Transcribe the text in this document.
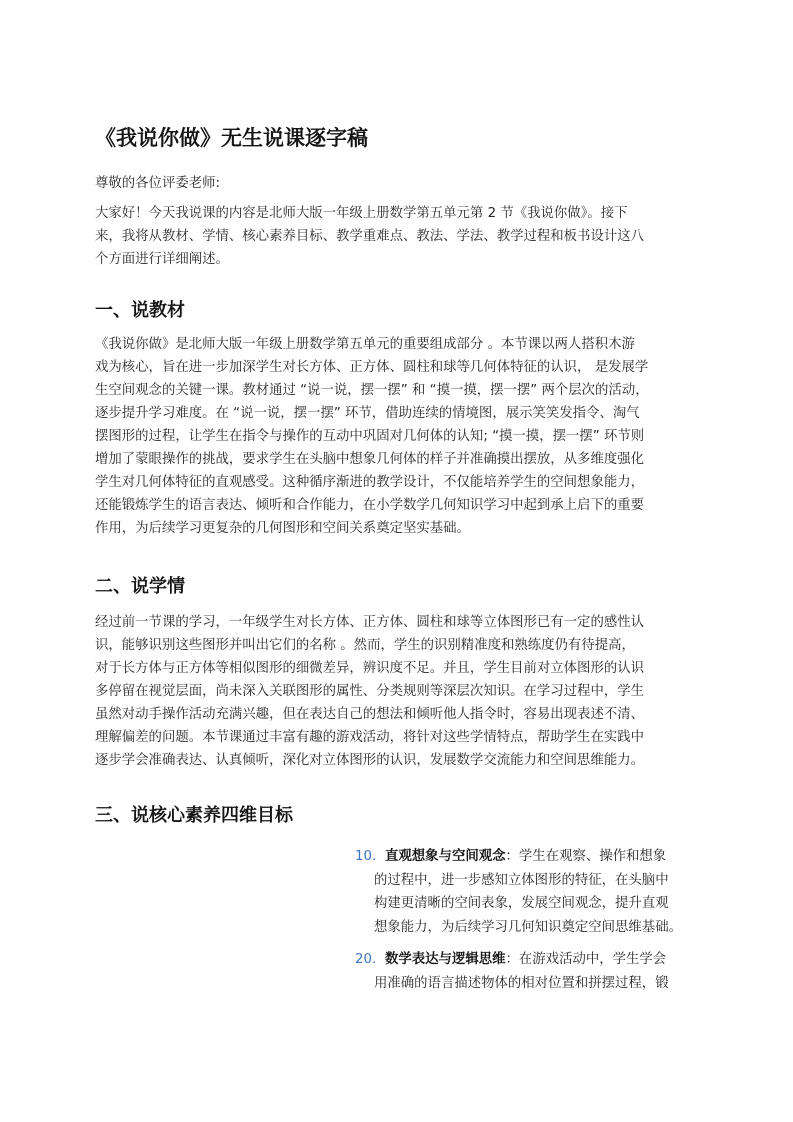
《我说你做》无生说课逐字稿

尊敬的各位评委老师:

大家好！今天我说课的内容是北师大版一年级上册数学第五单元第 2 节《我说你做》。接下
来，我将从教材、学情、核心素养目标、教学重难点、教法、学法、教学过程和板书设计这八
个方面进行详细阐述。

一、说教材

《我说你做》是北师大版一年级上册数学第五单元的重要组成部分 。本节课以两人搭积木游
戏为核心，旨在进一步加深学生对长方体、正方体、圆柱和球等几何体特征的认识， 是发展学
生空间观念的关键一课。教材通过 “说一说，摆一摆” 和 “摸一摸，摆一摆” 两个层次的活动，
逐步提升学习难度。在 “说一说，摆一摆” 环节，借助连续的情境图，展示笑笑发指令、淘气
摆图形的过程，让学生在指令与操作的互动中巩固对几何体的认知; “摸一摸，摆一摆” 环节则
增加了蒙眼操作的挑战，要求学生在头脑中想象几何体的样子并准确摸出摆放，从多维度强化
学生对几何体特征的直观感受。这种循序渐进的教学设计，不仅能培养学生的空间想象能力，
还能锻炼学生的语言表达、倾听和合作能力，在小学数学几何知识学习中起到承上启下的重要
作用，为后续学习更复杂的几何图形和空间关系奠定坚实基础。

二、说学情

经过前一节课的学习，一年级学生对长方体、正方体、圆柱和球等立体图形已有一定的感性认
识，能够识别这些图形并叫出它们的名称 。然而，学生的识别精准度和熟练度仍有待提高，
对于长方体与正方体等相似图形的细微差异，辨识度不足。并且，学生目前对立体图形的认识
多停留在视觉层面，尚未深入关联图形的属性、分类规则等深层次知识。在学习过程中，学生
虽然对动手操作活动充满兴趣，但在表达自己的想法和倾听他人指令时，容易出现表述不清、
理解偏差的问题。本节课通过丰富有趣的游戏活动，将针对这些学情特点，帮助学生在实践中
逐步学会准确表达、认真倾听，深化对立体图形的认识，发展数学交流能力和空间思维能力。

三、说核心素养四维目标
10. 直观想象与空间观念：学生在观察、操作和想象
的过程中，进一步感知立体图形的特征，在头脑中
构建更清晰的空间表象，发展空间观念，提升直观
想象能力，为后续学习几何知识奠定空间思维基础。
20. 数学表达与逻辑思维：在游戏活动中，学生学会
用准确的语言描述物体的相对位置和拼摆过程，锻
